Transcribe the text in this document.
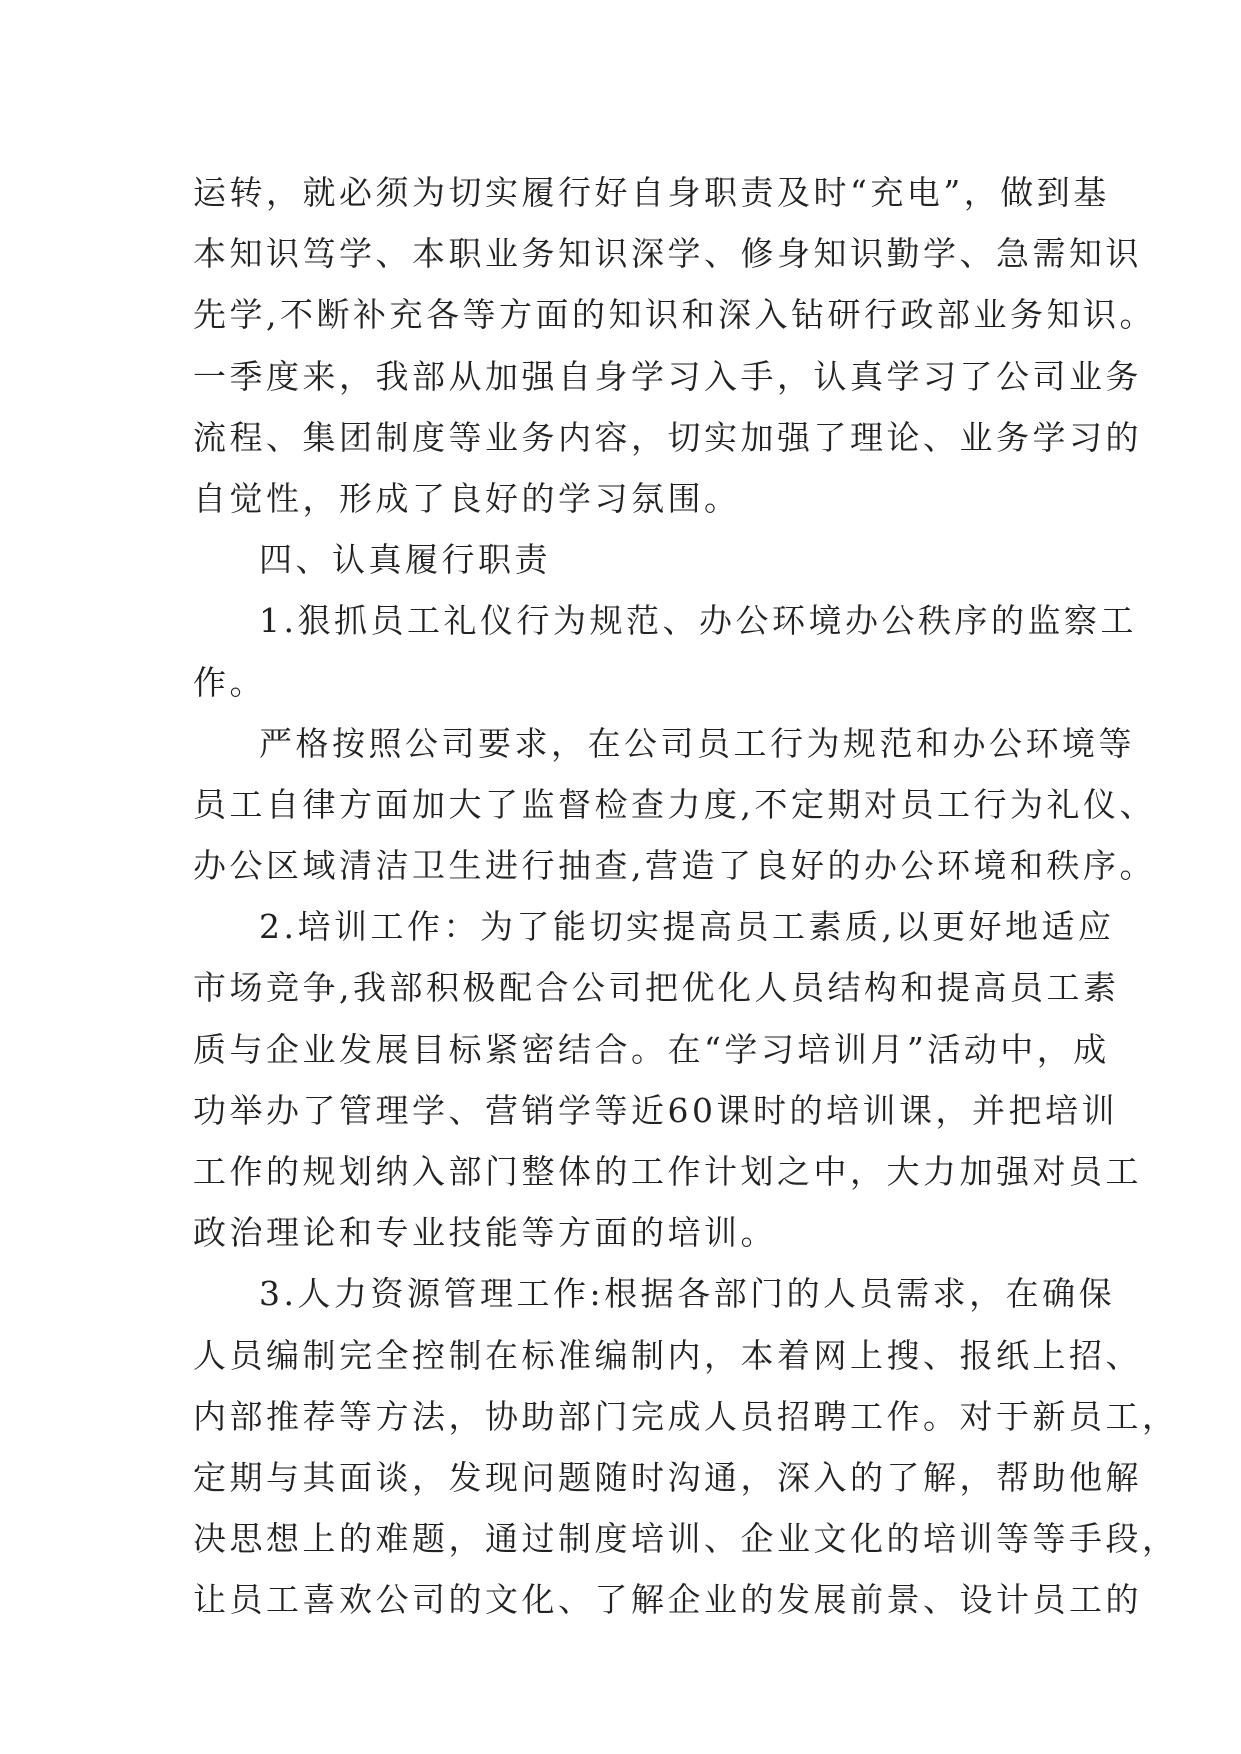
运转，就必须为切实履行好自身职责及时“充电”，做到基
本知识笃学、本职业务知识深学、修身知识勤学、急需知识
先学,不断补充各等方面的知识和深入钻研行政部业务知识。
一季度来，我部从加强自身学习入手，认真学习了公司业务
流程、集团制度等业务内容，切实加强了理论、业务学习的
自觉性，形成了良好的学习氛围。
四、认真履行职责
1.狠抓员工礼仪行为规范、办公环境办公秩序的监察工
作。
严格按照公司要求，在公司员工行为规范和办公环境等
员工自律方面加大了监督检查力度,不定期对员工行为礼仪、
办公区域清洁卫生进行抽查,营造了良好的办公环境和秩序。
2.培训工作：为了能切实提高员工素质,以更好地适应
市场竞争,我部积极配合公司把优化人员结构和提高员工素
质与企业发展目标紧密结合。在“学习培训月”活动中，成
功举办了管理学、营销学等近60课时的培训课，并把培训
工作的规划纳入部门整体的工作计划之中，大力加强对员工
政治理论和专业技能等方面的培训。
3.人力资源管理工作:根据各部门的人员需求，在确保
人员编制完全控制在标准编制内，本着网上搜、报纸上招、
内部推荐等方法，协助部门完成人员招聘工作。对于新员工，
定期与其面谈，发现问题随时沟通，深入的了解，帮助他解
决思想上的难题，通过制度培训、企业文化的培训等等手段，
让员工喜欢公司的文化、了解企业的发展前景、设计员工的
